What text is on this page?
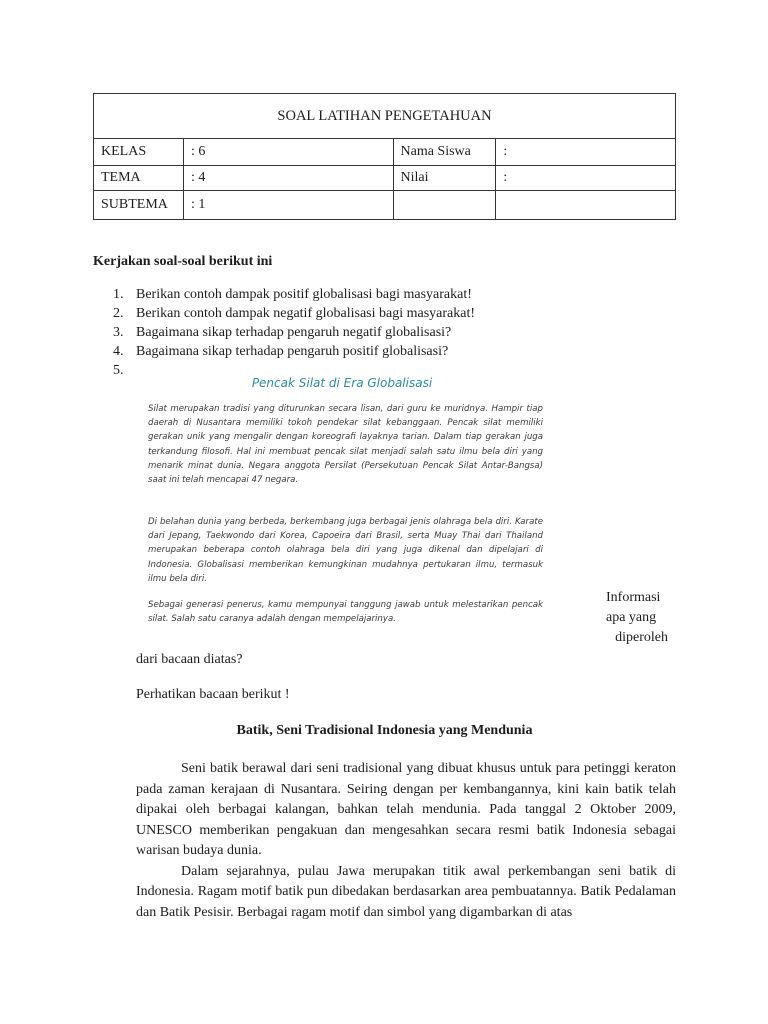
SOAL LATIHAN PENGETAHUAN			
KELAS	: 6	Nama Siswa	:
TEMA	: 4	Nilai	:
SUBTEMA	: 1		
Kerjakan soal-soal berikut ini
1. Berikan contoh dampak positif globalisasi bagi masyarakat!
2. Berikan contoh dampak negatif globalisasi bagi masyarakat!
3. Bagaimana sikap terhadap pengaruh negatif globalisasi?
4. Bagaimana sikap terhadap pengaruh positif globalisasi?
5.
Pencak Silat di Era Globalisasi

Silat merupakan tradisi yang diturunkan secara lisan, dari guru ke muridnya. Hampir tiap daerah di Nusantara memiliki tokoh pendekar silat kebanggaan. Pencak silat memiliki gerakan unik yang mengalir dengan koreografi layaknya tarian. Dalam tiap gerakan juga terkandung filosofi. Hal ini membuat pencak silat menjadi salah satu ilmu bela diri yang menarik minat dunia. Negara anggota Persilat (Persekutuan Pencak Silat Antar-Bangsa) saat ini telah mencapai 47 negara.

Di belahan dunia yang berbeda, berkembang juga berbagai jenis olahraga bela diri. Karate dari Jepang, Taekwondo dari Korea, Capoeira dari Brasil, serta Muay Thai dari Thailand merupakan beberapa contoh olahraga bela diri yang juga dikenal dan dipelajari di Indonesia. Globalisasi memberikan kemungkinan mudahnya pertukaran ilmu, termasuk ilmu bela diri.

Sebagai generasi penerus, kamu mempunyai tanggung jawab untuk melestarikan pencak silat. Salah satu caranya adalah dengan mempelajarinya.

Informasi
apa yang
diperoleh
dari bacaan diatas?
Perhatikan bacaan berikut !
Batik, Seni Tradisional Indonesia yang Mendunia

Seni batik berawal dari seni tradisional yang dibuat khusus untuk para petinggi keraton pada zaman kerajaan di Nusantara. Seiring dengan per kembangannya, kini kain batik telah dipakai oleh berbagai kalangan, bahkan telah mendunia. Pada tanggal 2 Oktober 2009, UNESCO memberikan pengakuan dan mengesahkan secara resmi batik Indonesia sebagai warisan budaya dunia.

Dalam sejarahnya, pulau Jawa merupakan titik awal perkembangan seni batik di Indonesia. Ragam motif batik pun dibedakan berdasarkan area pembuatannya. Batik Pedalaman dan Batik Pesisir. Berbagai ragam motif dan simbol yang digambarkan di atas
